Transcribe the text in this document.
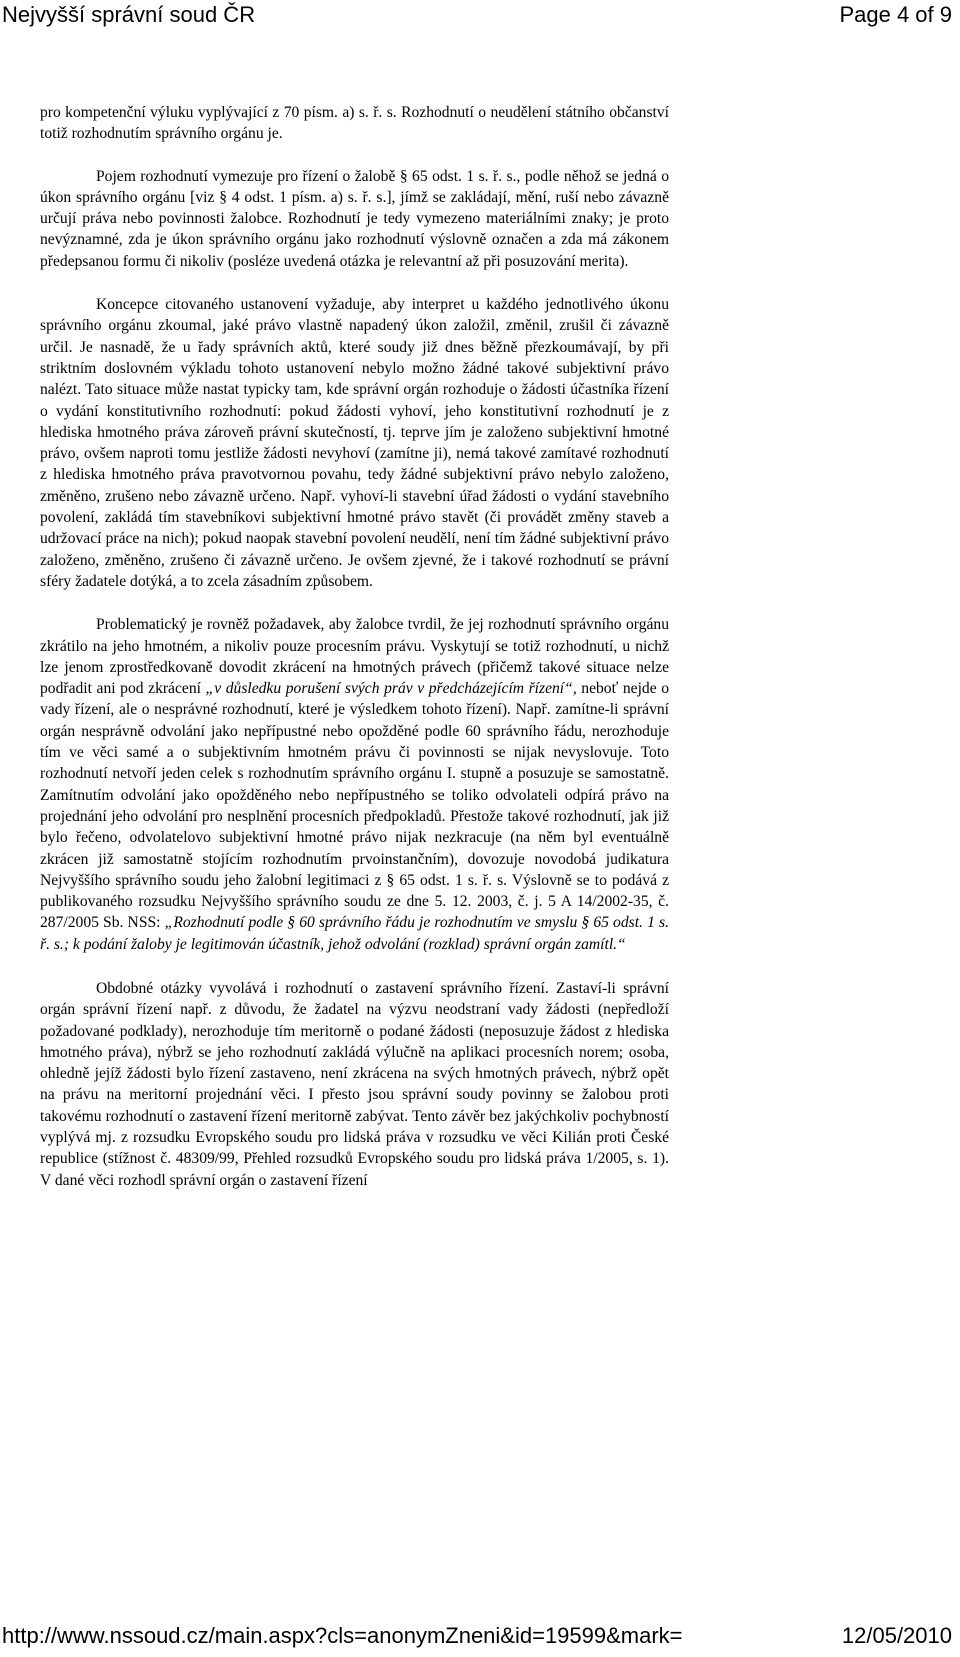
Nejvyšší správní soud ČR	Page 4 of 9

pro kompetenční výluku vyplývající z 70 písm. a) s. ř. s. Rozhodnutí o neudělení státního občanství totiž rozhodnutím správního orgánu je.

Pojem rozhodnutí vymezuje pro řízení o žalobě § 65 odst. 1 s. ř. s., podle něhož se jedná o úkon správního orgánu [viz § 4 odst. 1 písm. a) s. ř. s.], jímž se zakládají, mění, ruší nebo závazně určují práva nebo povinnosti žalobce. Rozhodnutí je tedy vymezeno materiálními znaky; je proto nevýznamné, zda je úkon správního orgánu jako rozhodnutí výslovně označen a zda má zákonem předepsanou formu či nikoliv (posléze uvedená otázka je relevantní až při posuzování merita).

Koncepce citovaného ustanovení vyžaduje, aby interpret u každého jednotlivého úkonu správního orgánu zkoumal, jaké právo vlastně napadený úkon založil, změnil, zrušil či závazně určil. Je nasnadě, že u řady správních aktů, které soudy již dnes běžně přezkoumávají, by při striktním doslovném výkladu tohoto ustanovení nebylo možno žádné takové subjektivní právo nalézt. Tato situace může nastat typicky tam, kde správní orgán rozhoduje o žádosti účastníka řízení o vydání konstitutivního rozhodnutí: pokud žádosti vyhoví, jeho konstitutivní rozhodnutí je z hlediska hmotného práva zároveň právní skutečností, tj. teprve jím je založeno subjektivní hmotné právo, ovšem naproti tomu jestliže žádosti nevyhoví (zamítne ji), nemá takové zamítavé rozhodnutí z hlediska hmotného práva pravotvornou povahu, tedy žádné subjektivní právo nebylo založeno, změněno, zrušeno nebo závazně určeno. Např. vyhoví-li stavební úřad žádosti o vydání stavebního povolení, zakládá tím stavebníkovi subjektivní hmotné právo stavět (či provádět změny staveb a udržovací práce na nich); pokud naopak stavební povolení neudělí, není tím žádné subjektivní právo založeno, změněno, zrušeno či závazně určeno. Je ovšem zjevné, že i takové rozhodnutí se právní sféry žadatele dotýká, a to zcela zásadním způsobem.

Problematický je rovněž požadavek, aby žalobce tvrdil, že jej rozhodnutí správního orgánu zkrátilo na jeho hmotném, a nikoliv pouze procesním právu. Vyskytují se totiž rozhodnutí, u nichž lze jenom zprostředkovaně dovodit zkrácení na hmotných právech (přičemž takové situace nelze podřadit ani pod zkrácení „v důsledku porušení svých práv v předcházejícím řízení“, neboť nejde o vady řízení, ale o nesprávné rozhodnutí, které je výsledkem tohoto řízení). Např. zamítne-li správní orgán nesprávně odvolání jako nepřípustné nebo opožděné podle 60 správního řádu, nerozhoduje tím ve věci samé a o subjektivním hmotném právu či povinnosti se nijak nevyslovuje. Toto rozhodnutí netvoří jeden celek s rozhodnutím správního orgánu I. stupně a posuzuje se samostatně. Zamítnutím odvolání jako opožděného nebo nepřípustného se toliko odvolateli odpírá právo na projednání jeho odvolání pro nesplnění procesních předpokladů. Přestože takové rozhodnutí, jak již bylo řečeno, odvolatelovo subjektivní hmotné právo nijak nezkracuje (na něm byl eventuálně zkrácen již samostatně stojícím rozhodnutím prvoinstančním), dovozuje novodobá judikatura Nejvyššího správního soudu jeho žalobní legitimaci z § 65 odst. 1 s. ř. s. Výslovně se to podává z publikovaného rozsudku Nejvyššího správního soudu ze dne 5. 12. 2003, č. j. 5 A 14/2002-35, č. 287/2005 Sb. NSS: „Rozhodnutí podle § 60 správního řádu je rozhodnutím ve smyslu § 65 odst. 1 s. ř. s.; k podání žaloby je legitimován účastník, jehož odvolání (rozklad) správní orgán zamítl.“

Obdobné otázky vyvolává i rozhodnutí o zastavení správního řízení. Zastaví-li správní orgán správní řízení např. z důvodu, že žadatel na výzvu neodstraní vady žádosti (nepředloží požadované podklady), nerozhoduje tím meritorně o podané žádosti (neposuzuje žádost z hlediska hmotného práva), nýbrž se jeho rozhodnutí zakládá výlučně na aplikaci procesních norem; osoba, ohledně jejíž žádosti bylo řízení zastaveno, není zkrácena na svých hmotných právech, nýbrž opět na právu na meritorní projednání věci. I přesto jsou správní soudy povinny se žalobou proti takovému rozhodnutí o zastavení řízení meritorně zabývat. Tento závěr bez jakýchkoliv pochybností vyplývá mj. z rozsudku Evropského soudu pro lidská práva v rozsudku ve věci Kilián proti České republice (stížnost č. 48309/99, Přehled rozsudků Evropského soudu pro lidská práva 1/2005, s. 1). V dané věci rozhodl správní orgán o zastavení řízení

http://www.nssoud.cz/main.aspx?cls=anonymZneni&id=19599&mark=	12/05/2010
